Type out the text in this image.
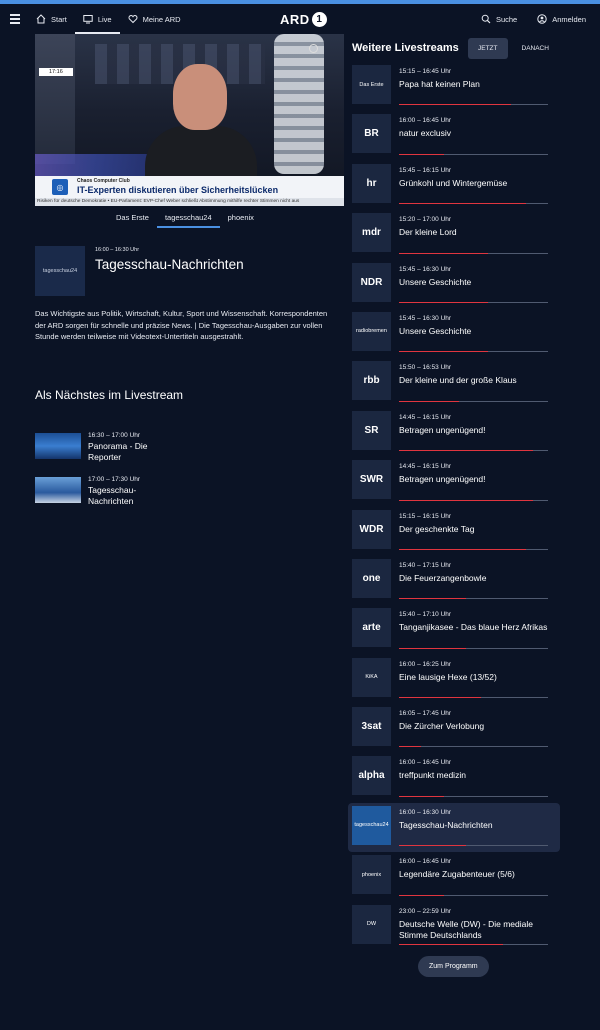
Start	Live	Meine ARD	ARD 1	Suche	Anmelden
17:16
◎
Chaos Computer Club
IT-Experten diskutieren über Sicherheitslücken
Risiken für deutsche Demokratie • EU-Parlament: EVP-Chef Weber schließt Abstimmung mithilfe rechter Stimmen nicht aus
Das Erste	tagesschau24	phoenix
tagesschau24
16:00 – 16:30 Uhr
Tagesschau-Nachrichten
Das Wichtigste aus Politik, Wirtschaft, Kultur, Sport und Wissenschaft. Korrespondenten der ARD sorgen für schnelle und präzise News. | Die Tagesschau-Ausgaben zur vollen Stunde werden teilweise mit Videotext-Untertiteln ausgestrahlt.
Als Nächstes im Livestream
16:30 – 17:00 Uhr
Panorama - Die Reporter
17:00 – 17:30 Uhr
Tagesschau-Nachrichten
Weitere Livestreams	JETZT	DANACH
Das Erste
15:15 – 16:45 Uhr
Papa hat keinen Plan
BR
16:00 – 16:45 Uhr
natur exclusiv
hr
15:45 – 16:15 Uhr
Grünkohl und Wintergemüse
mdr
15:20 – 17:00 Uhr
Der kleine Lord
NDR
15:45 – 16:30 Uhr
Unsere Geschichte
radiobremen
15:45 – 16:30 Uhr
Unsere Geschichte
rbb
15:50 – 16:53 Uhr
Der kleine und der große Klaus
SR
14:45 – 16:15 Uhr
Betragen ungenügend!
SWR
14:45 – 16:15 Uhr
Betragen ungenügend!
WDR
15:15 – 16:15 Uhr
Der geschenkte Tag
one
15:40 – 17:15 Uhr
Die Feuerzangenbowle
arte
15:40 – 17:10 Uhr
Tanganjikasee - Das blaue Herz Afrikas
KiKA
16:00 – 16:25 Uhr
Eine lausige Hexe (13/52)
3sat
16:05 – 17:45 Uhr
Die Zürcher Verlobung
alpha
16:00 – 16:45 Uhr
treffpunkt medizin
tagesschau24
16:00 – 16:30 Uhr
Tagesschau-Nachrichten
phoenix
16:00 – 16:45 Uhr
Legendäre Zugabenteuer (5/6)
DW
23:00 – 22:59 Uhr
Deutsche Welle (DW) - Die mediale Stimme Deutschlands
Zum Programm
